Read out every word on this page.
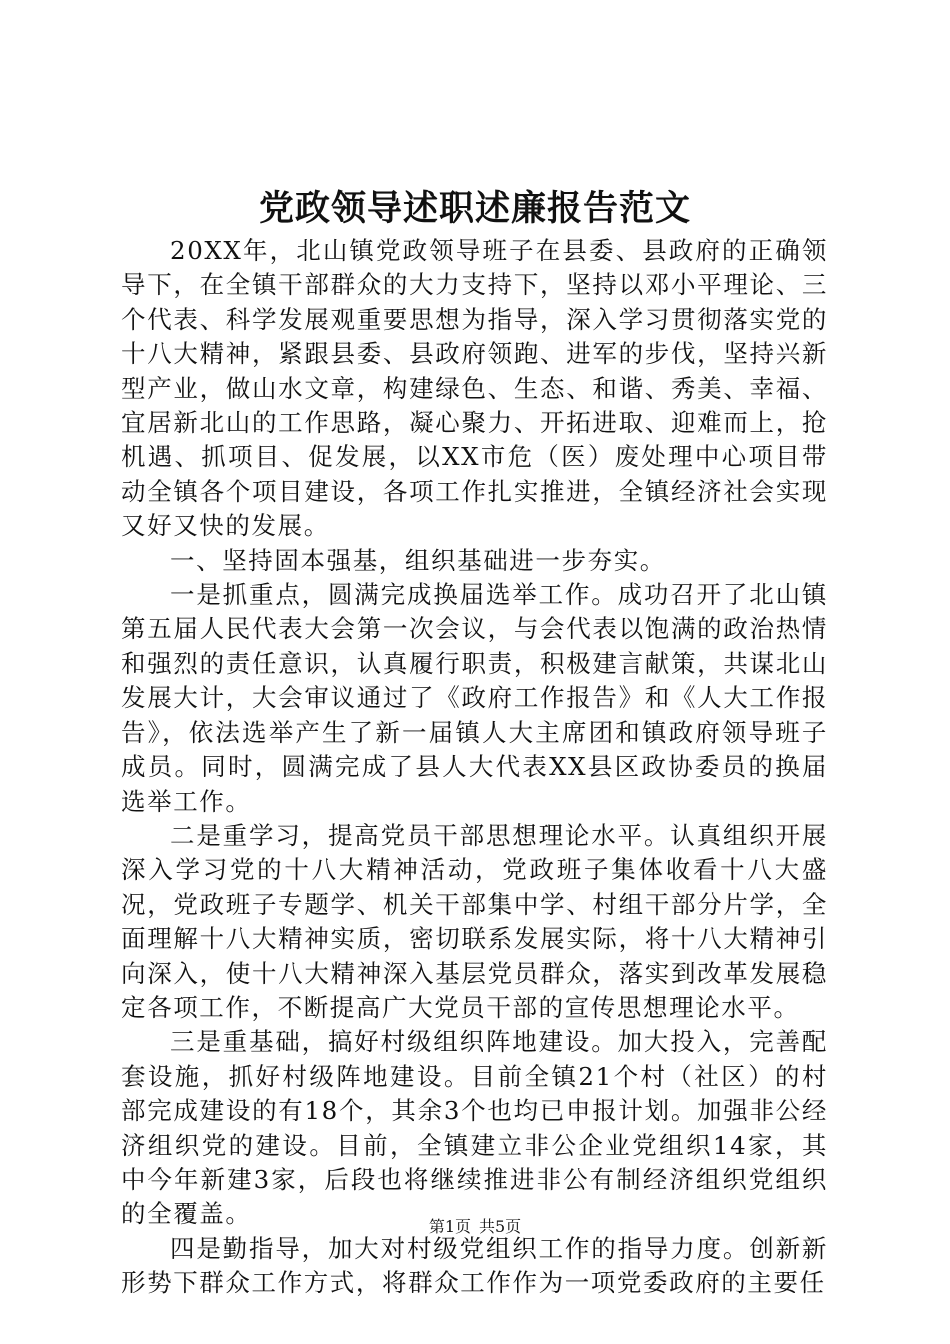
党政领导述职述廉报告范文

20XX年，北山镇党政领导班子在县委、县政府的正确领导下，在全镇干部群众的大力支持下，坚持以邓小平理论、三个代表、科学发展观重要思想为指导，深入学习贯彻落实党的十八大精神，紧跟县委、县政府领跑、进军的步伐，坚持兴新型产业，做山水文章，构建绿色、生态、和谐、秀美、幸福、宜居新北山的工作思路，凝心聚力、开拓进取、迎难而上，抢机遇、抓项目、促发展，以XX市危（医）废处理中心项目带动全镇各个项目建设，各项工作扎实推进，全镇经济社会实现又好又快的发展。

一、坚持固本强基，组织基础进一步夯实。

一是抓重点，圆满完成换届选举工作。成功召开了北山镇第五届人民代表大会第一次会议，与会代表以饱满的政治热情和强烈的责任意识，认真履行职责，积极建言献策，共谋北山发展大计，大会审议通过了《政府工作报告》和《人大工作报告》，依法选举产生了新一届镇人大主席团和镇政府领导班子成员。同时，圆满完成了县人大代表XX县区政协委员的换届选举工作。

二是重学习，提高党员干部思想理论水平。认真组织开展深入学习党的十八大精神活动，党政班子集体收看十八大盛况，党政班子专题学、机关干部集中学、村组干部分片学，全面理解十八大精神实质，密切联系发展实际，将十八大精神引向深入，使十八大精神深入基层党员群众，落实到改革发展稳定各项工作，不断提高广大党员干部的宣传思想理论水平。

三是重基础，搞好村级组织阵地建设。加大投入，完善配套设施，抓好村级阵地建设。目前全镇21个村（社区）的村部完成建设的有18个，其余3个也均已申报计划。加强非公经济组织党的建设。目前，全镇建立非公企业党组织14家，其中今年新建3家，后段也将继续推进非公有制经济组织党组织的全覆盖。

四是勤指导，加大对村级党组织工作的指导力度。创新新形势下群众工作方式，将群众工作作为一项党委政府的主要任

第1页 共5页
